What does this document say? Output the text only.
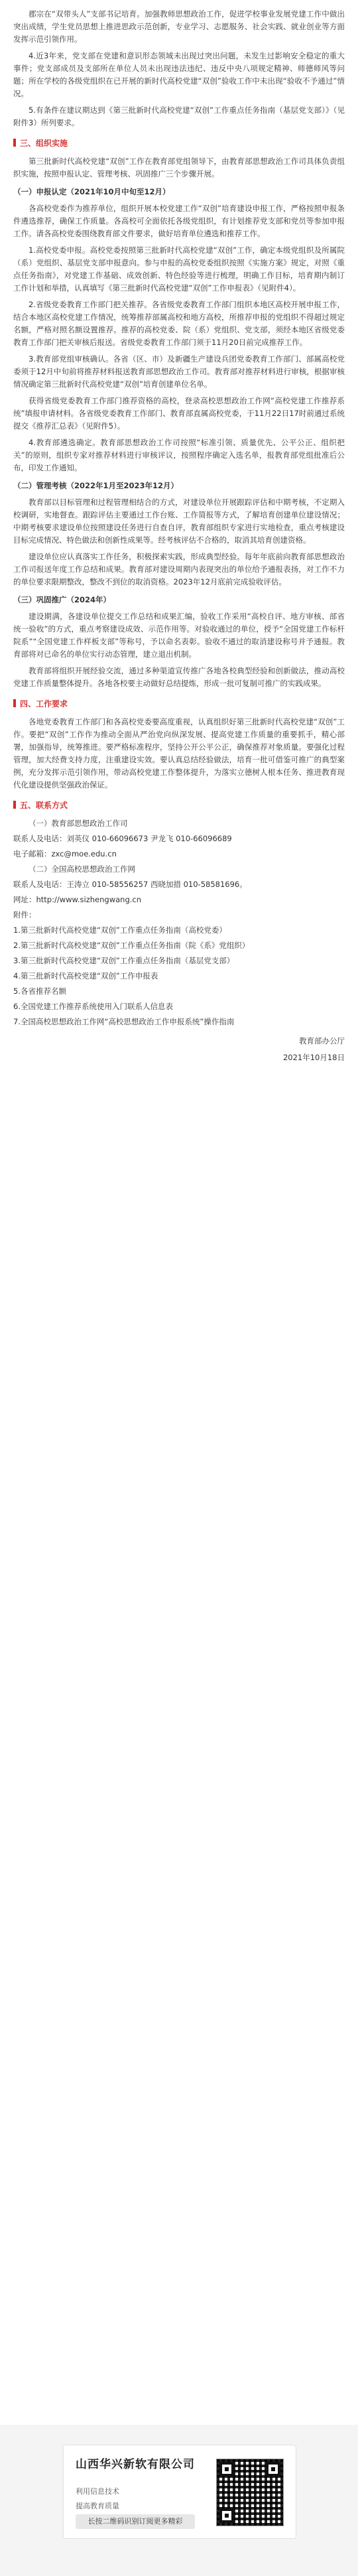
郡宗在“双带头人”支部书记培育。加强教师思想政治工作，促进学校事业发展党建工作中做出突出成绩，学生党员思想上推进思政示范创新，专业学习、志愿服务、社会实践、就业创业等方面发挥示范引领作用。

4.近3年来，党支部在党建和意识形态领域未出现过突出问题，未发生过影响安全稳定的重大事件；党支部成员及支部所在单位人员未出现违法违纪、违反中央八项规定精神、师德师风等问题；所在学校的各级党组织在已开展的新时代高校党建“双创”验收工作中未出现“验收不予通过”情况。

5.有条件在建议期达到《第三批新时代高校党建“双创”工作重点任务指南（基层党支部）》（见附件3）所列要求。

三、组织实施

第三批新时代高校党建“双创”工作在教育部党组领导下，由教育部思想政治工作司具体负责组织实施，按照申报认定、管理考核、巩固推广三个步骤开展。

（一）申报认定（2021年10月中旬至12月）

各高校党委作为推荐单位，组织开展本校党建工作“双创”培育建设申报工作，严格按照申报条件遴选推荐，确保工作质量。各高校可全面依托各级党组织，有计划推荐党支部和党员等参加申报工作。请各高校党委围绕教育部文件要求，做好培育单位遴选和推荐工作。

1.高校党委申报。高校党委按照第三批新时代高校党建“双创”工作，确定本级党组织及所属院（系）党组织、基层党支部申报意向。参与申报的高校党委组织按照《实施方案》规定，对照《重点任务指南》，对党建工作基础、成效创新、特色经验等进行梳理，明确工作目标，培育期内制订工作计划和举措，认真填写《第三批新时代高校党建“双创”工作申报表》（见附件4）。

2.省级党委教育工作部门把关推荐。各省级党委教育工作部门组织本地区高校开展申报工作，结合本地区高校党建工作情况，统筹推荐部属高校和地方高校，所推荐申报的党组织不得超过规定名额，严格对照名额设置推荐。推荐的高校党委、院（系）党组织、党支部，须经本地区省级党委教育工作部门把关审核后报送。省级党委教育工作部门须于11月20日前完成推荐工作。

3.教育部党组审核确认。各省（区、市）及新疆生产建设兵团党委教育工作部门、部属高校党委须于12月中旬前将推荐材料报送教育部思想政治工作司。教育部对推荐材料进行审核，根据审核情况确定第三批新时代高校党建“双创”培育创建单位名单。

获得省级党委教育工作部门推荐资格的高校，登录高校思想政治工作网“高校党建工作推荐系统”填报申请材料。各省级党委教育工作部门、教育部直属高校党委，于11月22日17时前通过系统提交《推荐汇总表》（见附件5）。

4.教育部遴选确定。教育部思想政治工作司按照“标准引领、质量优先、公平公正、组织把关”的原则，组织专家对推荐材料进行审核评议，按照程序确定入选名单，报教育部党组批准后公布，印发工作通知。

（二）管理考核（2022年1月至2023年12月）

教育部以目标管理和过程管理相结合的方式，对建设单位开展跟踪评估和中期考核，不定期入校调研，实地督查。跟踪评估主要通过工作台账、工作简报等方式，了解培育创建单位建设情况；中期考核要求建设单位按照建设任务进行自查自评，教育部组织专家进行实地检查，重点考核建设目标完成情况、特色做法和创新性成果等。经考核评估不合格的，取消其培育创建资格。

建设单位应认真落实工作任务，积极探索实践，形成典型经验。每年年底前向教育部思想政治工作司报送年度工作总结和成果。教育部对建设周期内表现突出的单位给予通报表扬，对工作不力的单位要求限期整改，整改不到位的取消资格。2023年12月底前完成验收评估。

（三）巩固推广（2024年）

建设期满，各建设单位提交工作总结和成果汇编，验收工作采用“高校自评、地方审核、部省统一验收”的方式，重点考察建设成效、示范作用等。对验收通过的单位，授予“全国党建工作标杆院系”“全国党建工作样板支部”等称号，予以命名表彰。验收不通过的取消建设称号并予通报。教育部将对已命名的单位实行动态管理，建立退出机制。

教育部将组织开展经验交流，通过多种渠道宣传推广各地各校典型经验和创新做法，推动高校党建工作质量整体提升。各地各校要主动做好总结提炼，形成一批可复制可推广的实践成果。

四、工作要求

各地党委教育工作部门和各高校党委要高度重视，认真组织好第三批新时代高校党建“双创”工作。要把“双创”工作作为推动全面从严治党向纵深发展、提高党建工作质量的重要抓手，精心部署，加强指导，统筹推进。要严格标准程序，坚持公开公平公正，确保推荐对象质量。要强化过程管理，加大经费支持力度，注重建设实效。要认真总结经验做法，培育一批可借鉴可推广的典型案例，充分发挥示范引领作用，带动高校党建工作整体提升，为落实立德树人根本任务、推进教育现代化建设提供坚强政治保证。

五、联系方式

（一）教育部思想政治工作司

联系人及电话：刘英仪 010-66096673 尹龙飞 010-66096689

电子邮箱：zxc@moe.edu.cn

（二）全国高校思想政治工作网

联系人及电话：王涛立 010-58556257 西晓加措 010-58581696。

网址：http://www.sizhengwang.cn

附件：

1.第三批新时代高校党建“双创”工作重点任务指南（高校党委）

2.第三批新时代高校党建“双创”工作重点任务指南（院《系》党组织）

3.第三批新时代高校党建“双创”工作重点任务指南（基层党支部）

4.第三批新时代高校党建“双创”工作申报表

5.各省推荐名额

6.全国党建工作推荐系统使用入门联系人信息表

7.全国高校思想政治工作网“高校思想政治工作申报系统”操作指南

教育部办公厅

2021年10月18日

山西华兴新软有限公司
利用信息技术
提高教育质量
长按二维码识别订阅更多精彩
